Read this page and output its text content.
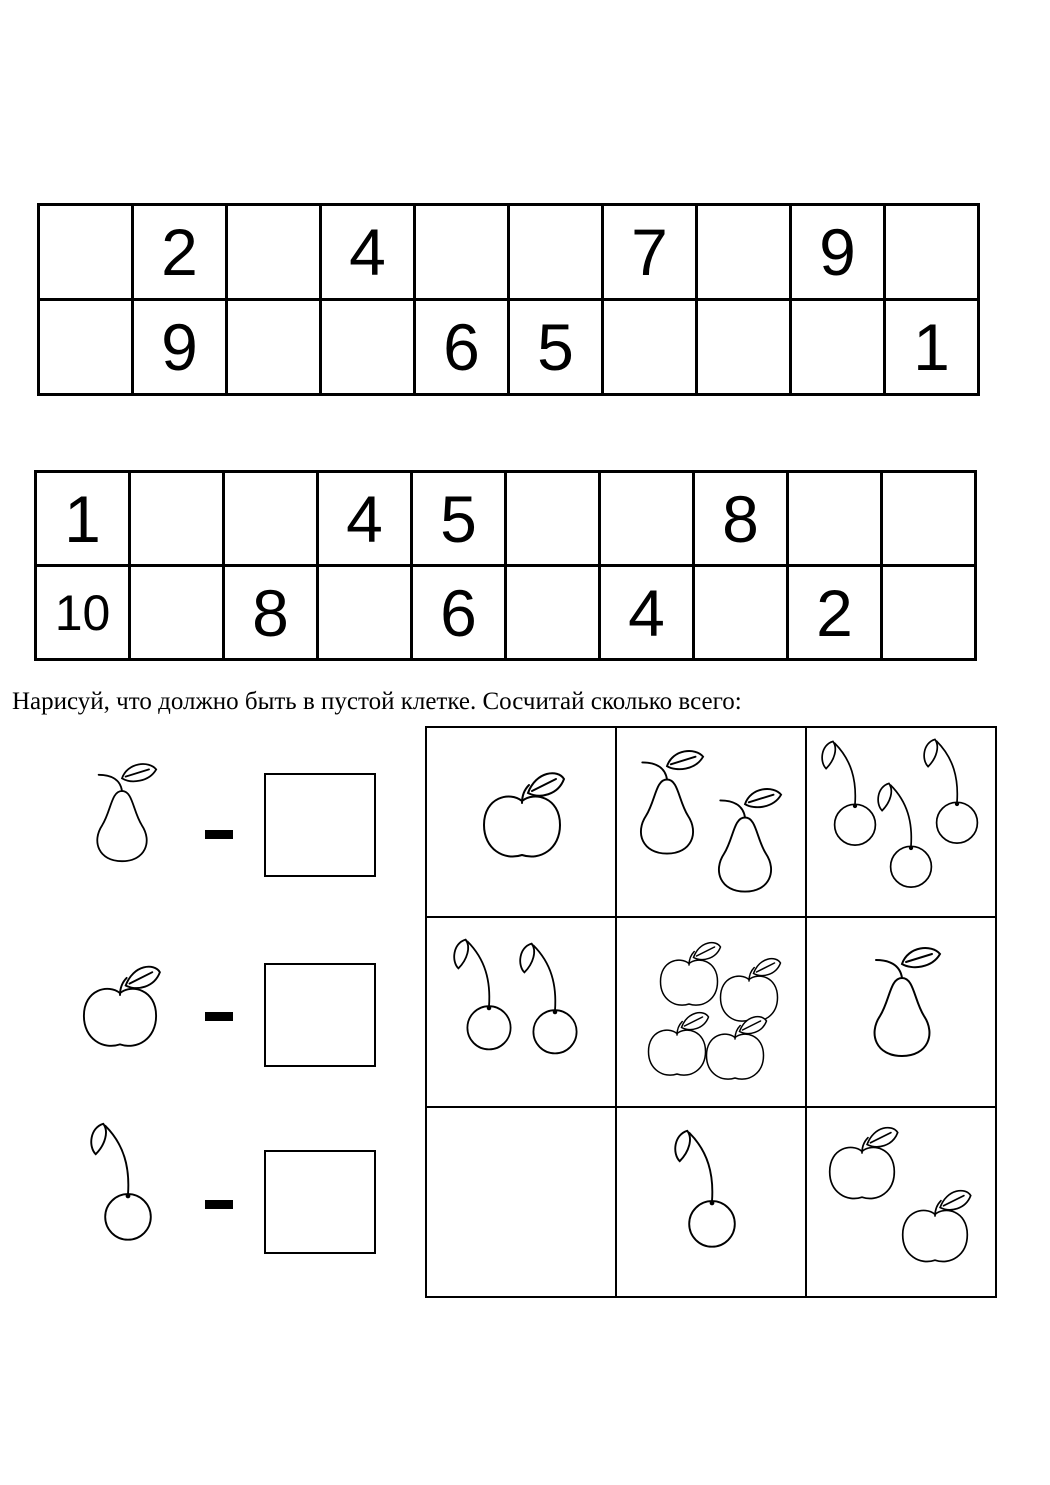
	2		4			7		9	
	9			6	5				1
1			4	5			8		
10		8		6		4		2	
Нарисуй, что должно быть в пустой клетке. Сосчитай сколько всего:
